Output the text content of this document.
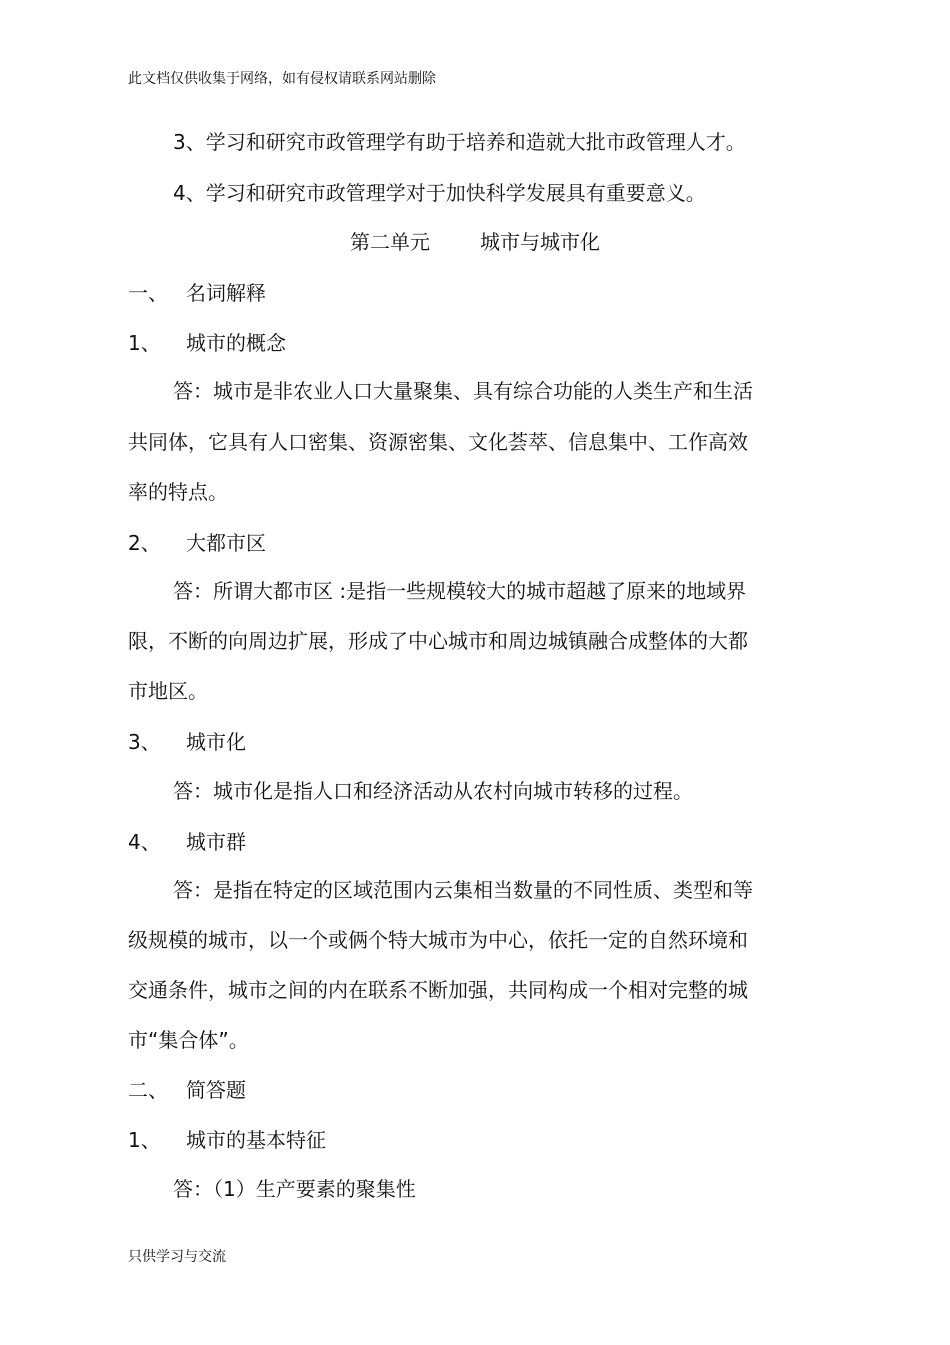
此文档仅供收集于网络，如有侵权请联系网站删除
3、学习和研究市政管理学有助于培养和造就大批市政管理人才。
4、学习和研究市政管理学对于加快科学发展具有重要意义。
第二单元	城市与城市化
一、 名词解释
1、 城市的概念
答：城市是非农业人口大量聚集、具有综合功能的人类生产和生活
共同体，它具有人口密集、资源密集、文化荟萃、信息集中、工作高效
率的特点。
2、 大都市区
答：所谓大都市区 :是指一些规模较大的城市超越了原来的地域界
限，不断的向周边扩展，形成了中心城市和周边城镇融合成整体的大都
市地区。
3、 城市化
答：城市化是指人口和经济活动从农村向城市转移的过程。
4、 城市群
答：是指在特定的区域范围内云集相当数量的不同性质、类型和等
级规模的城市，以一个或俩个特大城市为中心，依托一定的自然环境和
交通条件，城市之间的内在联系不断加强，共同构成一个相对完整的城
市“集合体”。
二、 简答题
1、 城市的基本特征
答：（1）生产要素的聚集性
只供学习与交流
